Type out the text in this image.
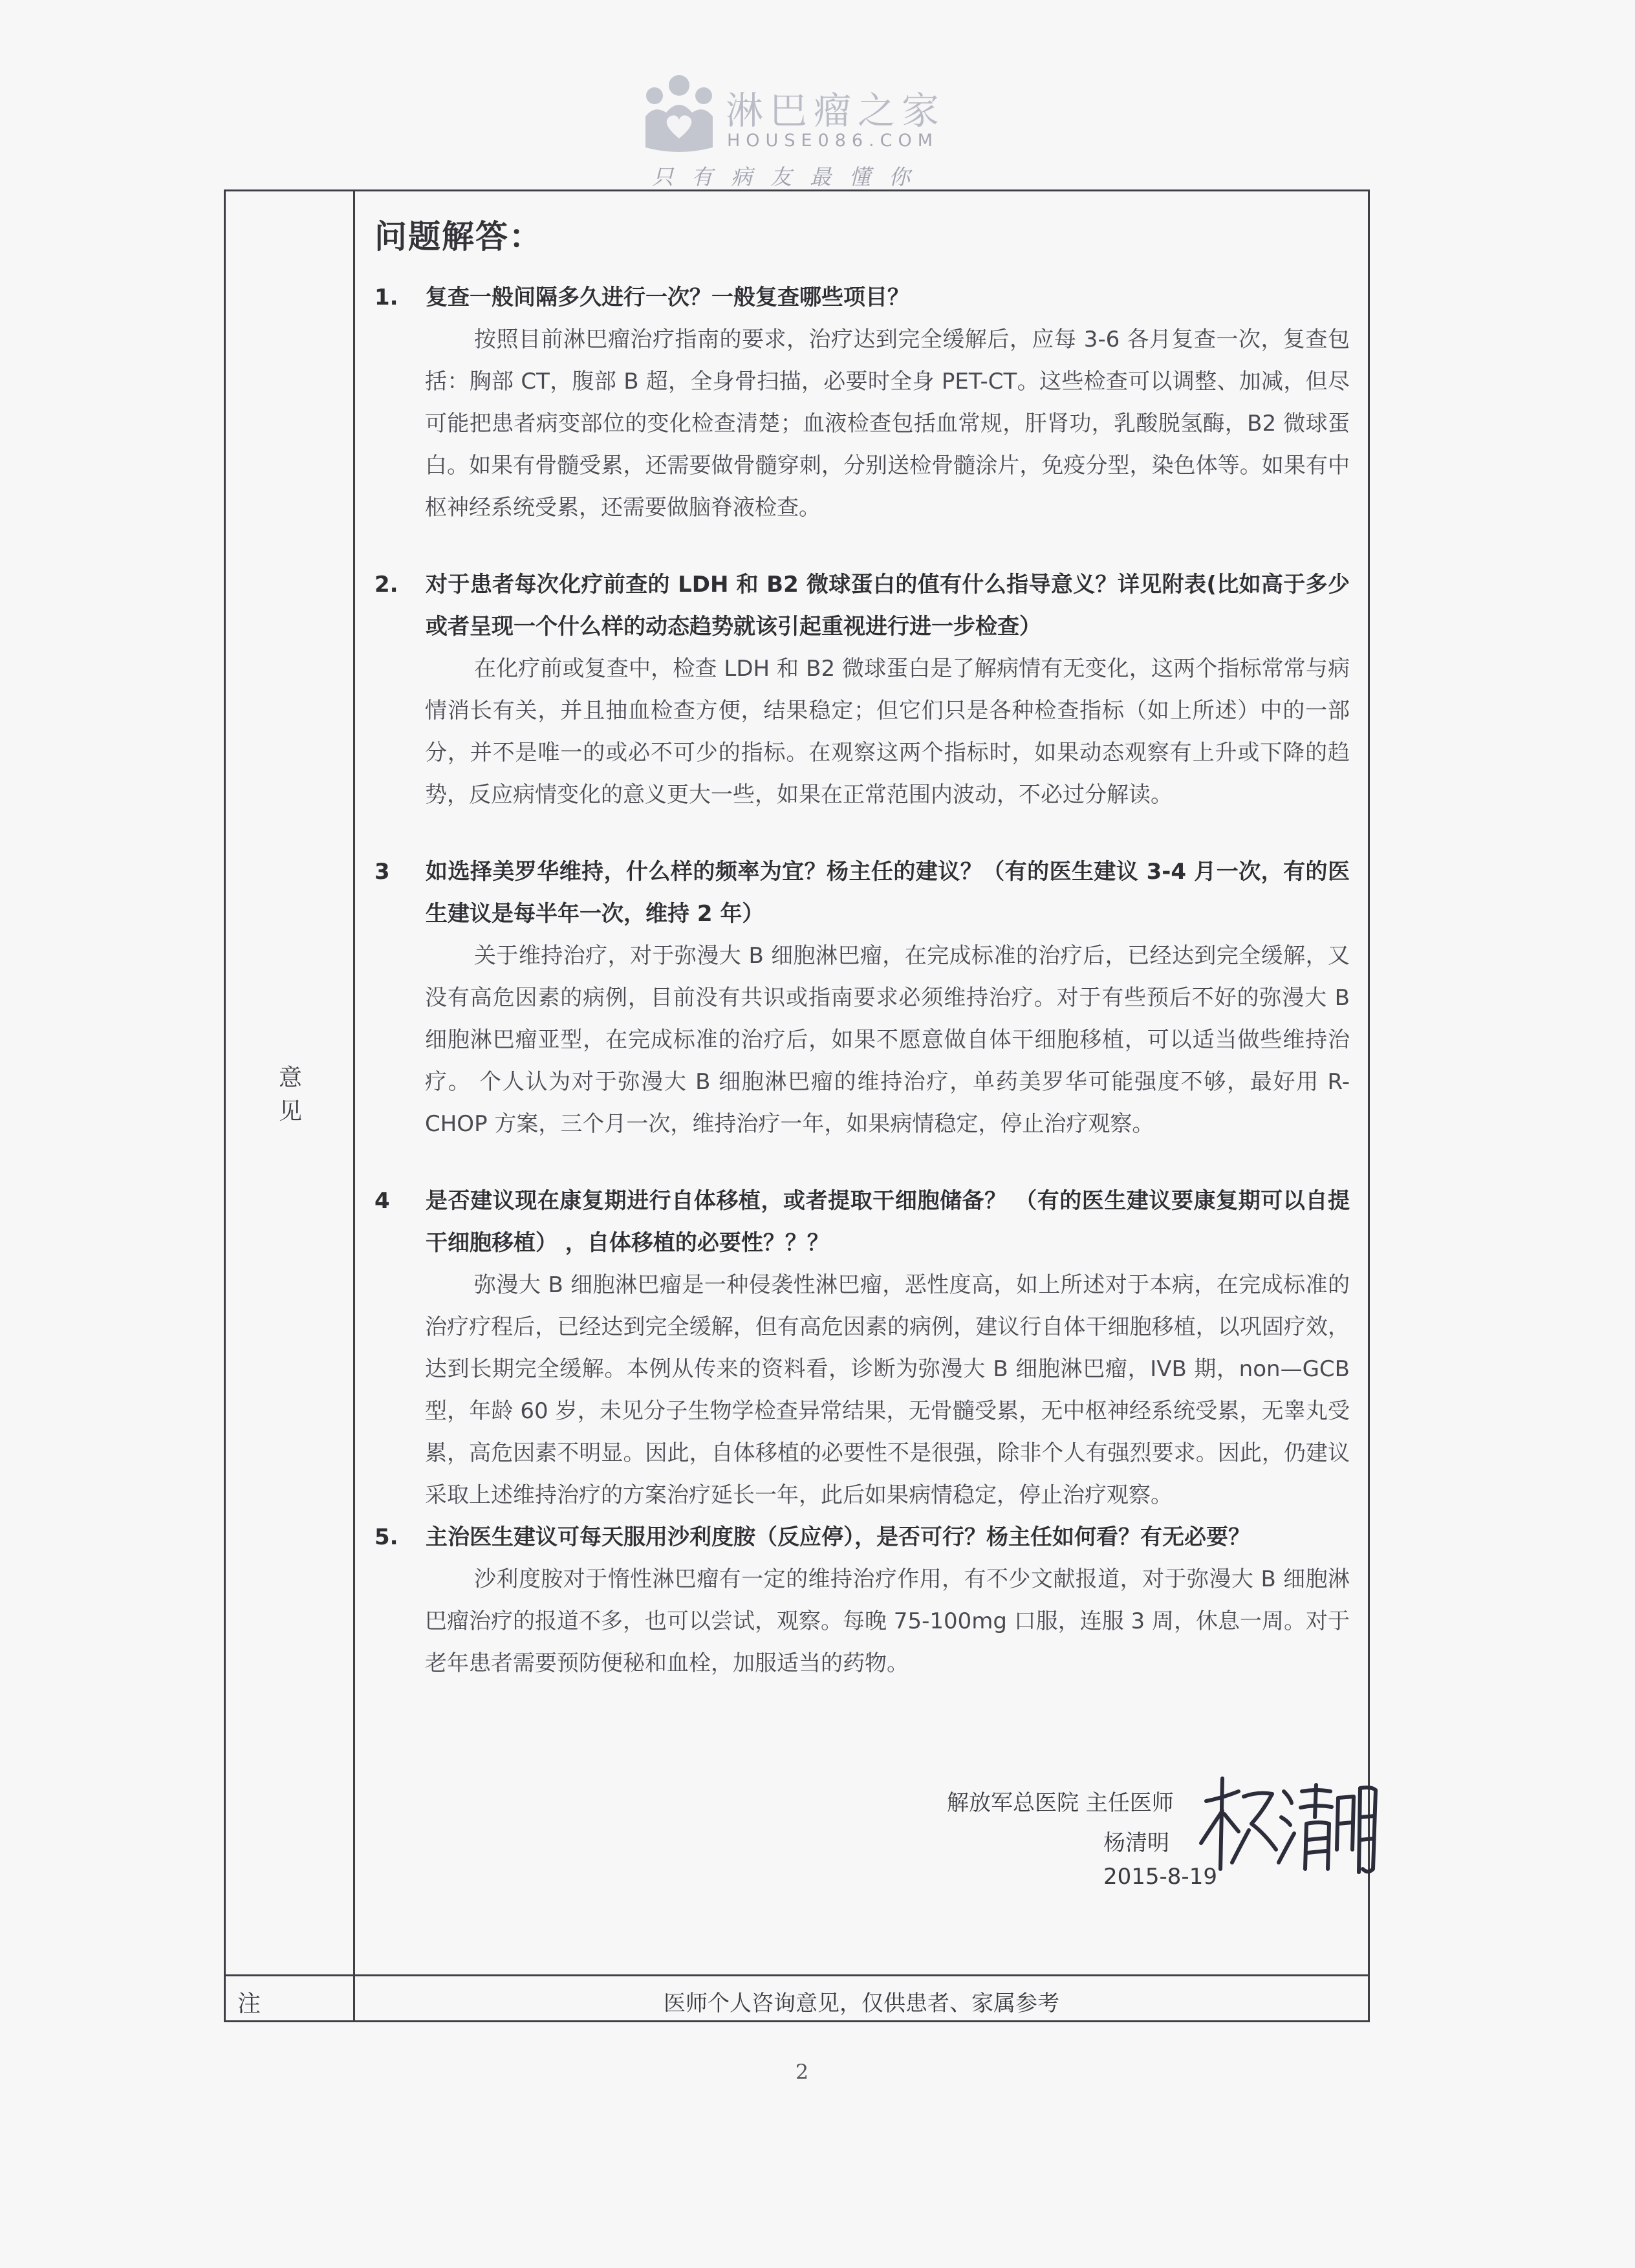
淋巴瘤之家
HOUSE086.COM
只有病友最懂你
意见
注	医师个人咨询意见，仅供患者、家属参考
问题解答：
1.	复查一般间隔多久进行一次？一般复查哪些项目？

按照目前淋巴瘤治疗指南的要求，治疗达到完全缓解后，应每 3-6 各月复查一次，复查包括：胸部 CT，腹部 B 超，全身骨扫描，必要时全身 PET-CT。这些检查可以调整、加减，但尽可能把患者病变部位的变化检查清楚；血液检查包括血常规，肝肾功，乳酸脱氢酶，B2 微球蛋白。如果有骨髓受累，还需要做骨髓穿刺，分别送检骨髓涂片，免疫分型，染色体等。如果有中枢神经系统受累，还需要做脑脊液检查。

2.	对于患者每次化疗前查的 LDH 和 B2 微球蛋白的值有什么指导意义？详见附表(比如高于多少或者呈现一个什么样的动态趋势就该引起重视进行进一步检查）

在化疗前或复查中，检查 LDH 和 B2 微球蛋白是了解病情有无变化，这两个指标常常与病情消长有关，并且抽血检查方便，结果稳定；但它们只是各种检查指标（如上所述）中的一部分，并不是唯一的或必不可少的指标。在观察这两个指标时，如果动态观察有上升或下降的趋势，反应病情变化的意义更大一些，如果在正常范围内波动，不必过分解读。

3	如选择美罗华维持，什么样的频率为宜？杨主任的建议？（有的医生建议 3-4 月一次，有的医生建议是每半年一次，维持 2 年）

关于维持治疗，对于弥漫大 B 细胞淋巴瘤，在完成标准的治疗后，已经达到完全缓解，又没有高危因素的病例，目前没有共识或指南要求必须维持治疗。对于有些预后不好的弥漫大 B 细胞淋巴瘤亚型，在完成标准的治疗后，如果不愿意做自体干细胞移植，可以适当做些维持治疗。 个人认为对于弥漫大 B 细胞淋巴瘤的维持治疗，单药美罗华可能强度不够，最好用 R-CHOP 方案，三个月一次，维持治疗一年，如果病情稳定，停止治疗观察。

4	是否建议现在康复期进行自体移植，或者提取干细胞储备？ （有的医生建议要康复期可以自提干细胞移植） ，自体移植的必要性？？？

弥漫大 B 细胞淋巴瘤是一种侵袭性淋巴瘤，恶性度高，如上所述对于本病，在完成标准的治疗疗程后，已经达到完全缓解，但有高危因素的病例，建议行自体干细胞移植，以巩固疗效，达到长期完全缓解。本例从传来的资料看，诊断为弥漫大 B 细胞淋巴瘤，IVB 期，non—GCB 型，年龄 60 岁，未见分子生物学检查异常结果，无骨髓受累，无中枢神经系统受累，无睾丸受累，高危因素不明显。因此，自体移植的必要性不是很强，除非个人有强烈要求。因此，仍建议采取上述维持治疗的方案治疗延长一年，此后如果病情稳定，停止治疗观察。

5.	主治医生建议可每天服用沙利度胺（反应停），是否可行？杨主任如何看？有无必要？

沙利度胺对于惰性淋巴瘤有一定的维持治疗作用，有不少文献报道，对于弥漫大 B 细胞淋巴瘤治疗的报道不多，也可以尝试，观察。每晚 75-100mg 口服，连服 3 周，休息一周。对于老年患者需要预防便秘和血栓，加服适当的药物。

解放军总医院 主任医师
杨清明
2015-8-19
2
